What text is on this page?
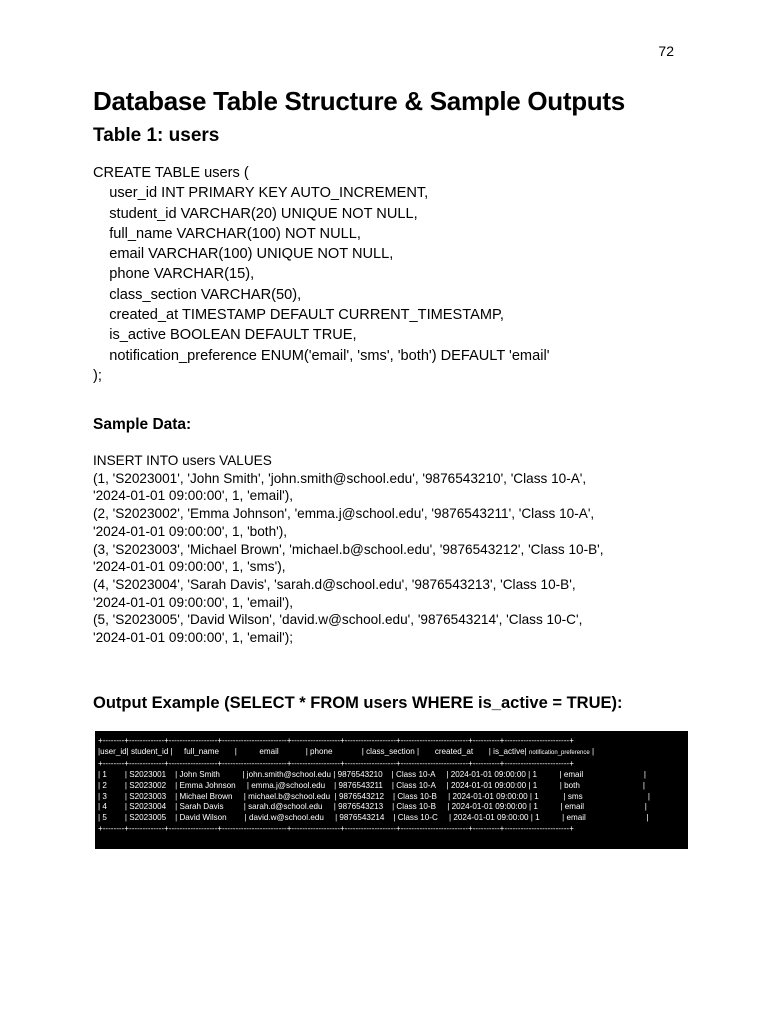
72
Database Table Structure & Sample Outputs
Table 1: users
CREATE TABLE users (
user_id INT PRIMARY KEY AUTO_INCREMENT,
student_id VARCHAR(20) UNIQUE NOT NULL,
full_name VARCHAR(100) NOT NULL,
email VARCHAR(100) UNIQUE NOT NULL,
phone VARCHAR(15),
class_section VARCHAR(50),
created_at TIMESTAMP DEFAULT CURRENT_TIMESTAMP,
is_active BOOLEAN DEFAULT TRUE,
notification_preference ENUM('email', 'sms', 'both') DEFAULT 'email'
);
Sample Data:
INSERT INTO users VALUES
(1, 'S2023001', 'John Smith', 'john.smith@school.edu', '9876543210', 'Class 10-A',
'2024-01-01 09:00:00', 1, 'email'),
(2, 'S2023002', 'Emma Johnson', 'emma.j@school.edu', '9876543211', 'Class 10-A',
'2024-01-01 09:00:00', 1, 'both'),
(3, 'S2023003', 'Michael Brown', 'michael.b@school.edu', '9876543212', 'Class 10-B',
'2024-01-01 09:00:00', 1, 'sms'),
(4, 'S2023004', 'Sarah Davis', 'sarah.d@school.edu', '9876543213', 'Class 10-B',
'2024-01-01 09:00:00', 1, 'email'),
(5, 'S2023005', 'David Wilson', 'david.w@school.edu', '9876543214', 'Class 10-C',
'2024-01-01 09:00:00', 1, 'email');
Output Example (SELECT * FROM users WHERE is_active = TRUE):
+--------+-------------+------------------+------------------------+------------------+-------------------+-------------------------+----------+------------------------+
|user_id| student_id |     full_name       |          email            | phone             | class_section |       created_at       | is_active| notification_preference |
+--------+-------------+------------------+------------------------+------------------+-------------------+-------------------------+----------+------------------------+
| 1        | S2023001    | John Smith          | john.smith@school.edu | 9876543210    | Class 10-A     | 2024-01-01 09:00:00 | 1          | email                           |
| 2        | S2023002    | Emma Johnson     | emma.j@school.edu    | 9876543211    | Class 10-A     | 2024-01-01 09:00:00 | 1          | both                            |
| 3        | S2023003    | Michael Brown     | michael.b@school.edu  | 9876543212    | Class 10-B     | 2024-01-01 09:00:00 | 1           | sms                             |
| 4        | S2023004    | Sarah Davis         | sarah.d@school.edu     | 9876543213    | Class 10-B     | 2024-01-01 09:00:00 | 1          | email                           |
| 5        | S2023005    | David Wilson        | david.w@school.edu     | 9876543214    | Class 10-C     | 2024-01-01 09:00:00 | 1          | email                           |
+--------+-------------+------------------+------------------------+------------------+-------------------+-------------------------+----------+------------------------+
